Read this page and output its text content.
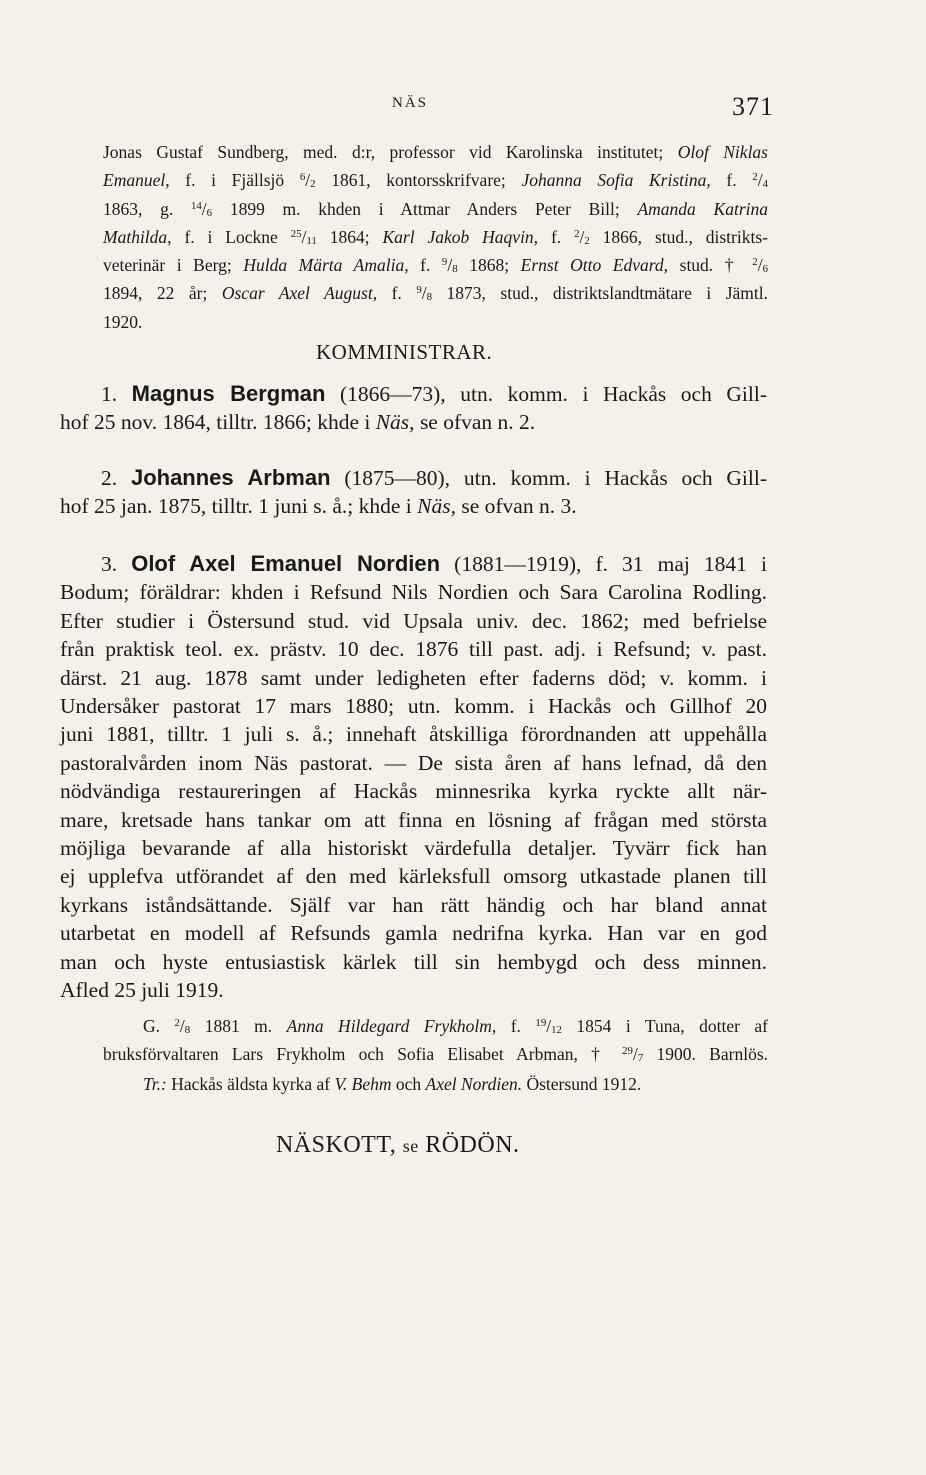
NÄS	371
Jonas Gustaf Sundberg, med. d:r, professor vid Karolinska institutet; Olof Niklas
Emanuel, f. i Fjällsjö $^6/_2$ 1861, kontorsskrifvare; Johanna Sofia Kristina, f. $^2/_4$
1863, g. $^{14}/_6$ 1899 m. khden i Attmar Anders Peter Bill; Amanda Katrina
Mathilda, f. i Lockne $^{25}/_{11}$ 1864; Karl Jakob Haqvin, f. $^2/_2$ 1866, stud., distrikts-
veterinär i Berg; Hulda Märta Amalia, f. $^9/_8$ 1868; Ernst Otto Edvard, stud. † $^2/_6$
1894, 22 år; Oscar Axel August, f. $^9/_8$ 1873, stud., distriktslandtmätare i Jämtl.
1920.
KOMMINISTRAR.
1. Magnus Bergman (1866—73), utn. komm. i Hackås och Gill-
hof 25 nov. 1864, tilltr. 1866; khde i Näs, se ofvan n. 2.
2. Johannes Arbman (1875—80), utn. komm. i Hackås och Gill-
hof 25 jan. 1875, tilltr. 1 juni s. å.; khde i Näs, se ofvan n. 3.
3. Olof Axel Emanuel Nordien (1881—1919), f. 31 maj 1841 i
Bodum; föräldrar: khden i Refsund Nils Nordien och Sara Carolina Rodling.
Efter studier i Östersund stud. vid Upsala univ. dec. 1862; med befrielse
från praktisk teol. ex. prästv. 10 dec. 1876 till past. adj. i Refsund; v. past.
därst. 21 aug. 1878 samt under ledigheten efter faderns död; v. komm. i
Undersåker pastorat 17 mars 1880; utn. komm. i Hackås och Gillhof 20
juni 1881, tilltr. 1 juli s. å.; innehaft åtskilliga förordnanden att uppehålla
pastoralvården inom Näs pastorat. — De sista åren af hans lefnad, då den
nödvändiga restaureringen af Hackås minnesrika kyrka ryckte allt när-
mare, kretsade hans tankar om att finna en lösning af frågan med största
möjliga bevarande af alla historiskt värdefulla detaljer. Tyvärr fick han
ej upplefva utförandet af den med kärleksfull omsorg utkastade planen till
kyrkans iståndsättande. Själf var han rätt händig och har bland annat
utarbetat en modell af Refsunds gamla nedrifna kyrka. Han var en god
man och hyste entusiastisk kärlek till sin hembygd och dess minnen.
Afled 25 juli 1919.
G. $^2/_8$ 1881 m. Anna Hildegard Frykholm, f. $^{19}/_{12}$ 1854 i Tuna, dotter af
bruksförvaltaren Lars Frykholm och Sofia Elisabet Arbman, † $^{29}/_7$ 1900. Barnlös.
Tr.: Hackås äldsta kyrka af V. Behm och Axel Nordien. Östersund 1912.
NÄSKOTT, se RÖDÖN.
